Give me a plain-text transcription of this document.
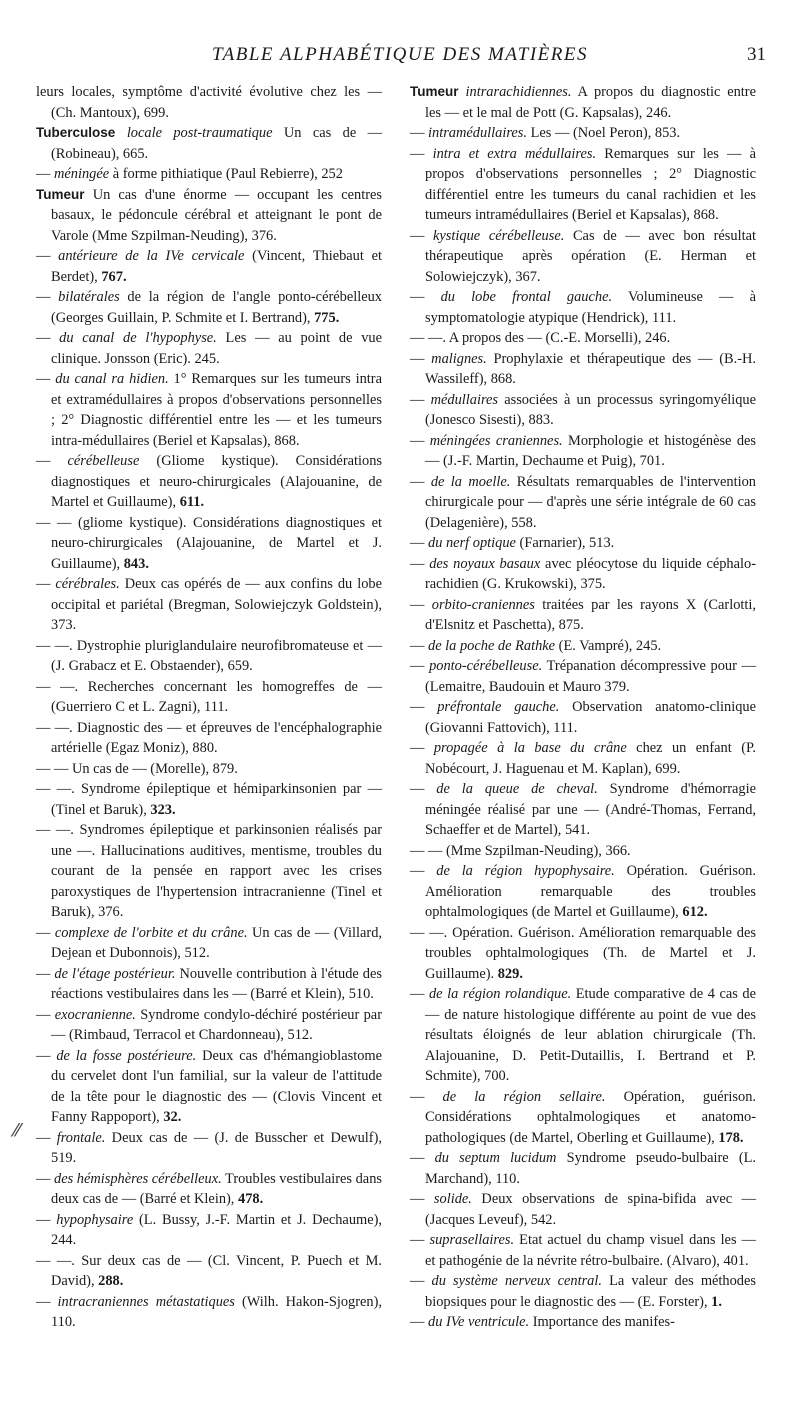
TABLE ALPHABÉTIQUE DES MATIÈRES	31
⁄⁄

leurs locales, symptôme d'activité évolutive chez les — (Ch. Mantoux), 699.

Tuberculose locale post-traumatique Un cas de — (Robineau), 665.

— méningée à forme pithiatique (Paul Rebierre), 252

Tumeur Un cas d'une énorme — occupant les centres basaux, le pédoncule cérébral et atteignant le pont de Varole (Mme Szpilman-Neuding), 376.

— antérieure de la IVe cervicale (Vincent, Thiebaut et Berdet), 767.

— bilatérales de la région de l'angle ponto-cérébelleux (Georges Guillain, P. Schmite et I. Bertrand), 775.

— du canal de l'hypophyse. Les — au point de vue clinique. Jonsson (Eric). 245.

— du canal ra hidien. 1° Remarques sur les tumeurs intra et extramédullaires à propos d'observations personnelles ; 2° Diagnostic différentiel entre les — et les tumeurs intra-médullaires (Beriel et Kapsalas), 868.

— cérébelleuse (Gliome kystique). Considérations diagnostiques et neuro-chirurgicales (Alajouanine, de Martel et Guillaume), 611.

— — (gliome kystique). Considérations diagnostiques et neuro-chirurgicales (Alajouanine, de Martel et J. Guillaume), 843.

— cérébrales. Deux cas opérés de — aux confins du lobe occipital et pariétal (Bregman, Solowiejczyk Goldstein), 373.

— —. Dystrophie pluriglandulaire neurofibromateuse et — (J. Grabacz et E. Obstaender), 659.

— —. Recherches concernant les homogreffes de — (Guerriero C et L. Zagni), 111.

— —. Diagnostic des — et épreuves de l'encéphalographie artérielle (Egaz Moniz), 880.

— — Un cas de — (Morelle), 879.

— —. Syndrome épileptique et hémiparkinsonien par — (Tinel et Baruk), 323.

— —. Syndromes épileptique et parkinsonien réalisés par une —. Hallucinations auditives, mentisme, troubles du courant de la pensée en rapport avec les crises paroxystiques de l'hypertension intracranienne (Tinel et Baruk), 376.

— complexe de l'orbite et du crâne. Un cas de — (Villard, Dejean et Dubonnois), 512.

— de l'étage postérieur. Nouvelle contribution à l'étude des réactions vestibulaires dans les — (Barré et Klein), 510.

— exocranienne. Syndrome condylo-déchiré postérieur par — (Rimbaud, Terracol et Chardonneau), 512.

— de la fosse postérieure. Deux cas d'hémangioblastome du cervelet dont l'un familial, sur la valeur de l'attitude de la tête pour le diagnostic des — (Clovis Vincent et Fanny Rappoport), 32.

— frontale. Deux cas de — (J. de Busscher et Dewulf), 519.

— des hémisphères cérébelleux. Troubles vestibulaires dans deux cas de — (Barré et Klein), 478.

— hypophysaire (L. Bussy, J.-F. Martin et J. Dechaume), 244.

— —. Sur deux cas de — (Cl. Vincent, P. Puech et M. David), 288.

— intracraniennes métastatiques (Wilh. Hakon-Sjogren), 110.

Tumeur intrarachidiennes. A propos du diagnostic entre les — et le mal de Pott (G. Kapsalas), 246.

— intramédullaires. Les — (Noel Peron), 853.

— intra et extra médullaires. Remarques sur les — à propos d'observations personnelles ; 2° Diagnostic différentiel entre les tumeurs du canal rachidien et les tumeurs intramédullaires (Beriel et Kapsalas), 868.

— kystique cérébelleuse. Cas de — avec bon résultat thérapeutique après opération (E. Herman et Solowiejczyk), 367.

— du lobe frontal gauche. Volumineuse — à symptomatologie atypique (Hendrick), 111.

— —. A propos des — (C.-E. Morselli), 246.

— malignes. Prophylaxie et thérapeutique des — (B.-H. Wassileff), 868.

— médullaires associées à un processus syringomyélique (Jonesco Sisesti), 883.

— méningées craniennes. Morphologie et histogénèse des — (J.-F. Martin, Dechaume et Puig), 701.

— de la moelle. Résultats remarquables de l'intervention chirurgicale pour — d'après une série intégrale de 60 cas (Delagenière), 558.

— du nerf optique (Farnarier), 513.

— des noyaux basaux avec pléocytose du liquide céphalo-rachidien (G. Krukowski), 375.

— orbito-craniennes traitées par les rayons X (Carlotti, d'Elsnitz et Paschetta), 875.

— de la poche de Rathke (E. Vampré), 245.

— ponto-cérébelleuse. Trépanation décompressive pour — (Lemaitre, Baudouin et Mauro 379.

— préfrontale gauche. Observation anatomo-clinique (Giovanni Fattovich), 111.

— propagée à la base du crâne chez un enfant (P. Nobécourt, J. Haguenau et M. Kaplan), 699.

— de la queue de cheval. Syndrome d'hémorragie méningée réalisé par une — (André-Thomas, Ferrand, Schaeffer et de Martel), 541.

— — (Mme Szpilman-Neuding), 366.

— de la région hypophysaire. Opération. Guérison. Amélioration remarquable des troubles ophtalmologiques (de Martel et Guillaume), 612.

— —. Opération. Guérison. Amélioration remarquable des troubles ophtalmologiques (Th. de Martel et J. Guillaume). 829.

— de la région rolandique. Etude comparative de 4 cas de — de nature histologique différente au point de vue des résultats éloignés de leur ablation chirurgicale (Th. Alajouanine, D. Petit-Dutaillis, I. Bertrand et P. Schmite), 700.

— de la région sellaire. Opération, guérison. Considérations ophtalmologiques et anatomo-pathologiques (de Martel, Oberling et Guillaume), 178.

— du septum lucidum Syndrome pseudo-bulbaire (L. Marchand), 110.

— solide. Deux observations de spina-bifida avec — (Jacques Leveuf), 542.

— suprasellaires. Etat actuel du champ visuel dans les — et pathogénie de la névrite rétro-bulbaire. (Alvaro), 401.

— du système nerveux central. La valeur des méthodes biopsiques pour le diagnostic des — (E. Forster), 1.

— du IVe ventricule. Importance des manifes-
